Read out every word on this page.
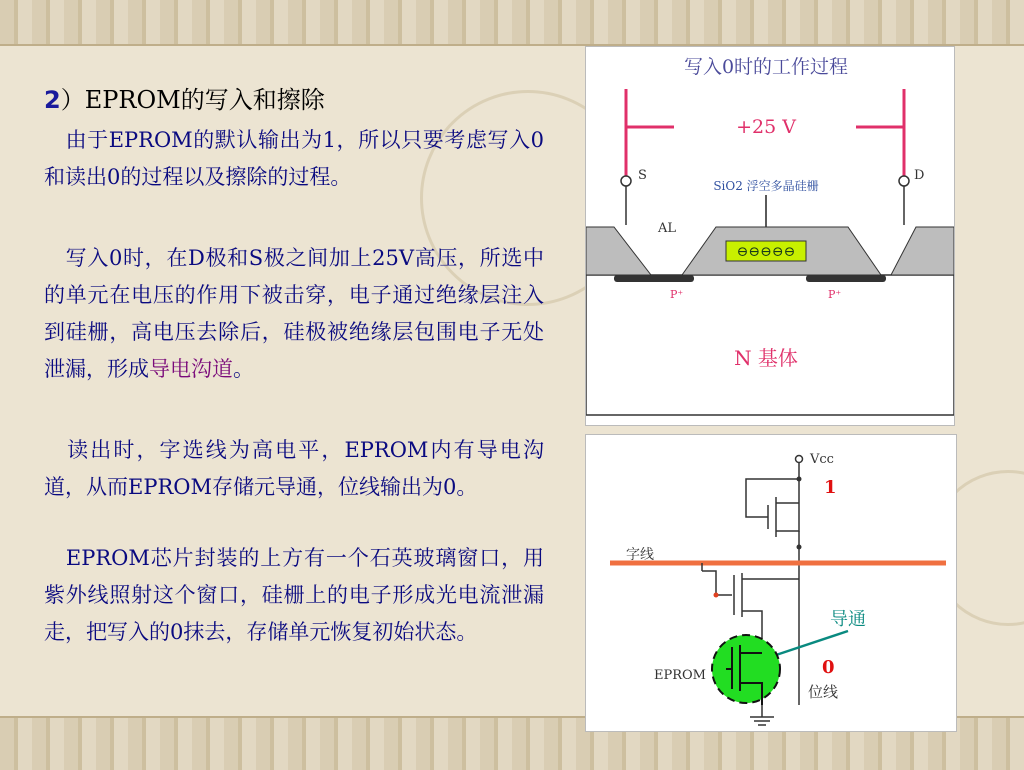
2）EPROM的写入和擦除
　由于EPROM的默认输出为1，所以只要考虑写入0和读出0的过程以及擦除的过程。
　写入0时，在D极和S极之间加上25V高压，所选中的单元在电压的作用下被击穿，电子通过绝缘层注入到硅栅，高电压去除后，硅极被绝缘层包围电子无处泄漏，形成导电沟道。
　读出时，字选线为高电平，EPROM内有导电沟道，从而EPROM存储元导通，位线输出为0。
　EPROM芯片封装的上方有一个石英玻璃窗口，用紫外线照射这个窗口，硅栅上的电子形成光电流泄漏走，把写入的0抹去，存储单元恢复初始状态。
写入0时的工作过程
+25 V
S	D
SiO2 浮空多晶硅栅
AL
⊖⊖⊖⊖⊖
P⁺	P⁺
N 基体
Vcc
1
字线
导通
0
EPROM
位线
